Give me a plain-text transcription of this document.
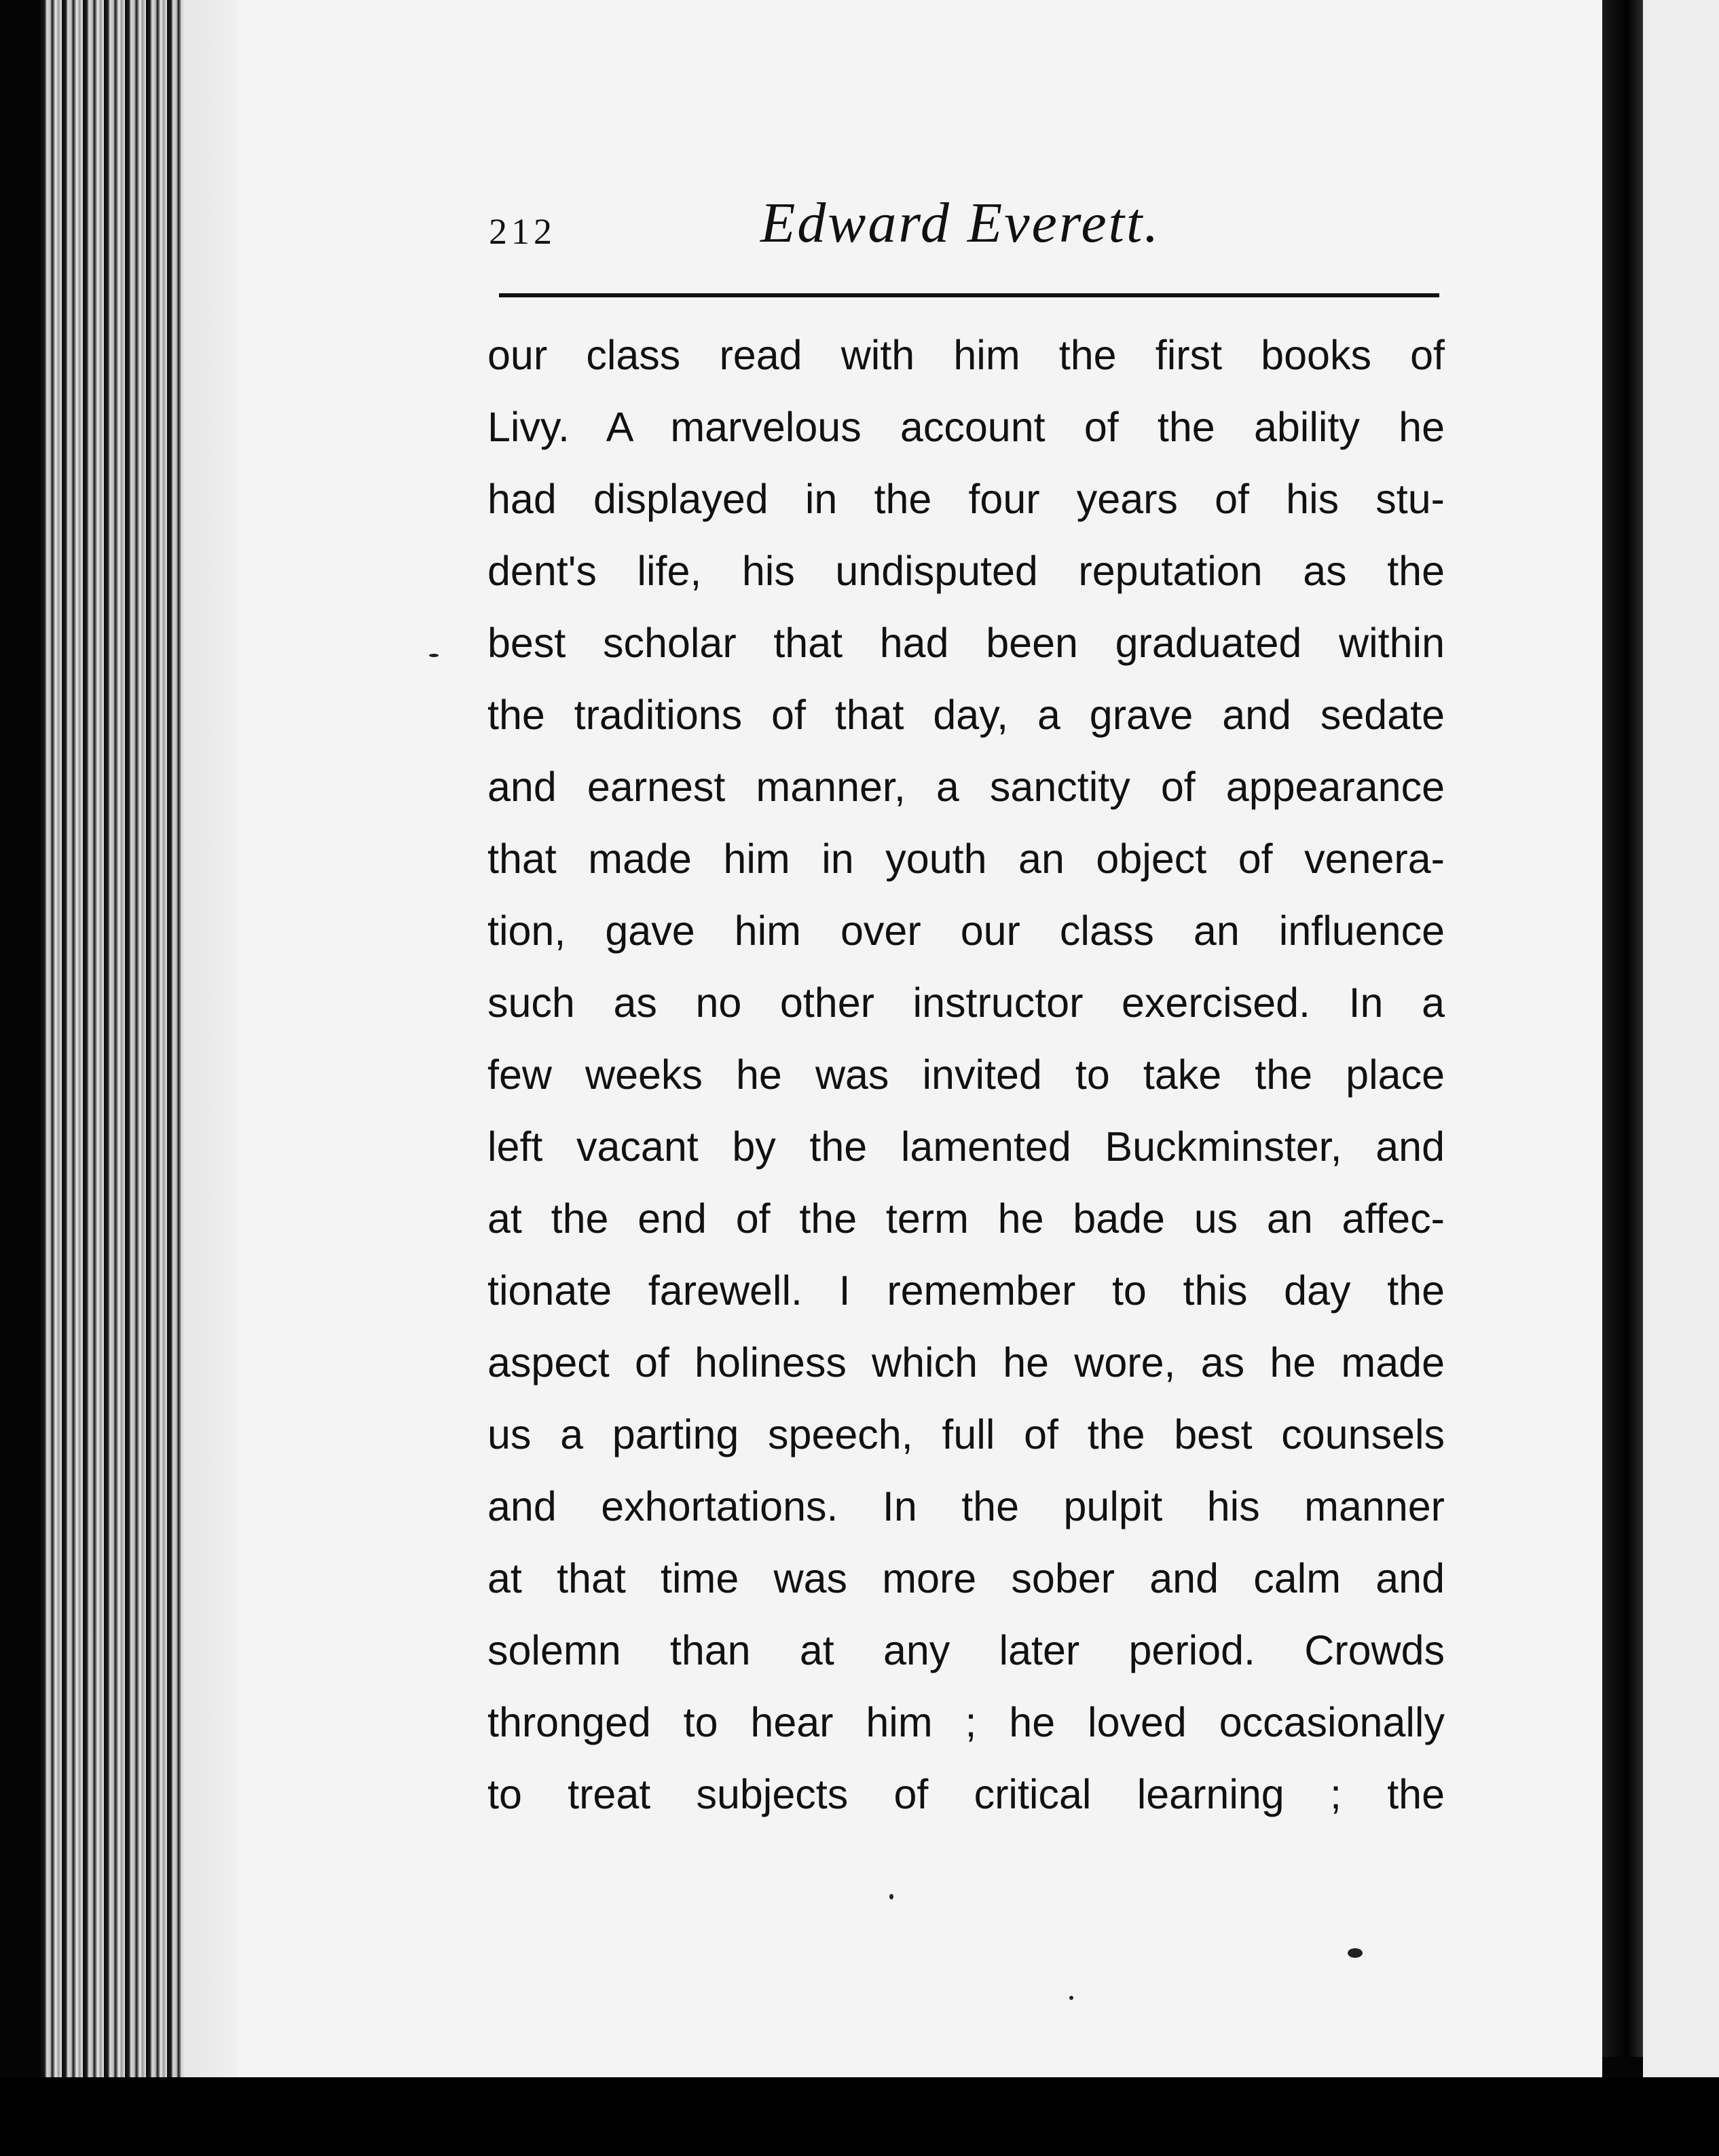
212	Edward Everett.
our class read with him the first books of
Livy. A marvelous account of the ability he
had displayed in the four years of his stu-
dent's life, his undisputed reputation as the
best scholar that had been graduated within
the traditions of that day, a grave and sedate
and earnest manner, a sanctity of appearance
that made him in youth an object of venera-
tion, gave him over our class an influence
such as no other instructor exercised. In a
few weeks he was invited to take the place
left vacant by the lamented Buckminster, and
at the end of the term he bade us an affec-
tionate farewell. I remember to this day the
aspect of holiness which he wore, as he made
us a parting speech, full of the best counsels
and exhortations. In the pulpit his manner
at that time was more sober and calm and
solemn than at any later period. Crowds
thronged to hear him ; he loved occasionally
to treat subjects of critical learning ; the
